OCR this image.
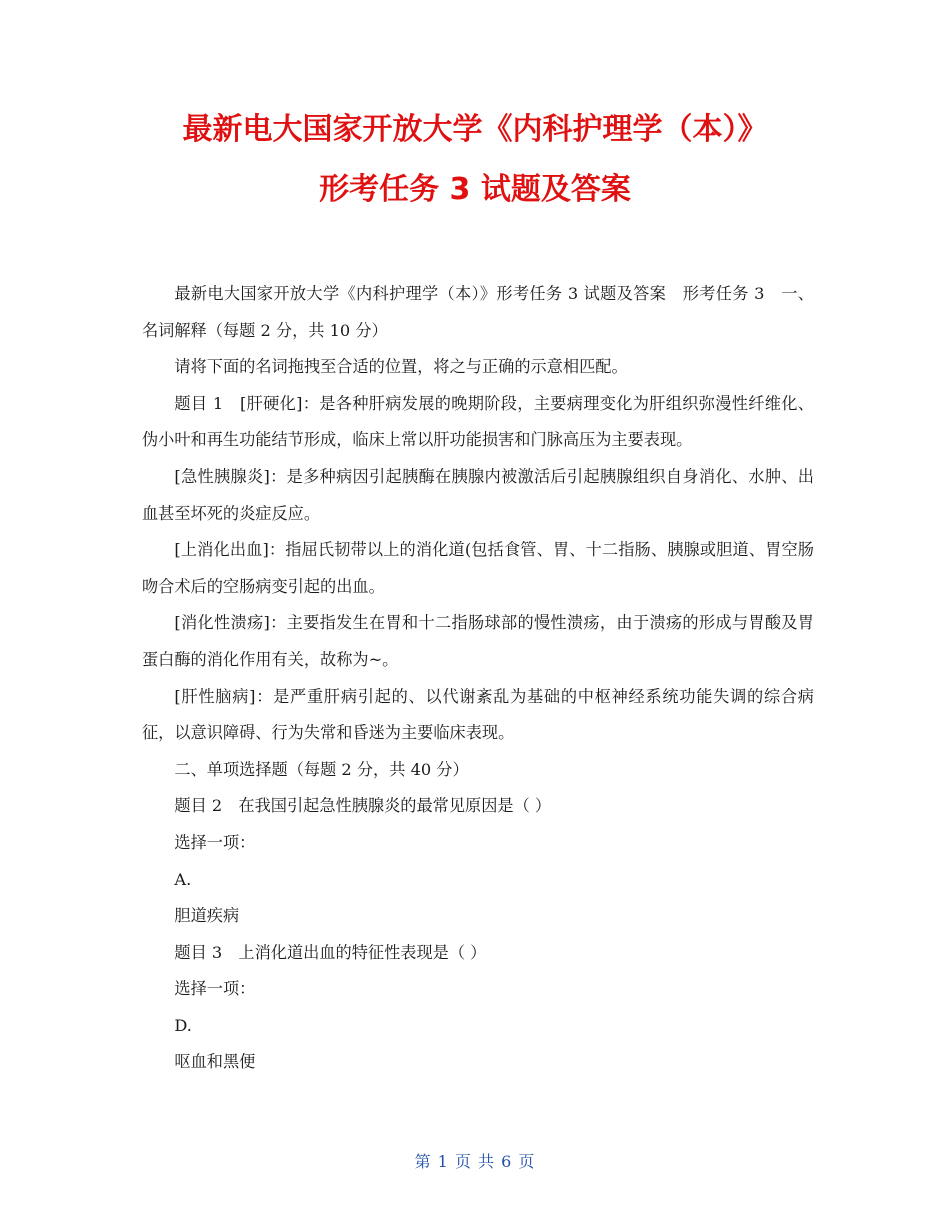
最新电大国家开放大学《内科护理学（本）》
形考任务 3 试题及答案

最新电大国家开放大学《内科护理学（本）》形考任务 3 试题及答案　形考任务 3　一、名词解释（每题 2 分，共 10 分）

请将下面的名词拖拽至合适的位置，将之与正确的示意相匹配。

题目 1　[肝硬化]：是各种肝病发展的晚期阶段，主要病理变化为肝组织弥漫性纤维化、伪小叶和再生功能结节形成，临床上常以肝功能损害和门脉高压为主要表现。

[急性胰腺炎]：是多种病因引起胰酶在胰腺内被激活后引起胰腺组织自身消化、水肿、出血甚至坏死的炎症反应。

[上消化出血]：指屈氏韧带以上的消化道(包括食管、胃、十二指肠、胰腺或胆道、胃空肠吻合术后的空肠病变引起的出血。

[消化性溃疡]：主要指发生在胃和十二指肠球部的慢性溃疡，由于溃疡的形成与胃酸及胃蛋白酶的消化作用有关，故称为~。

[肝性脑病]：是严重肝病引起的、以代谢紊乱为基础的中枢神经系统功能失调的综合病征，以意识障碍、行为失常和昏迷为主要临床表现。

二、单项选择题（每题 2 分，共 40 分）

题目 2　在我国引起急性胰腺炎的最常见原因是（ ）

选择一项：

A.

胆道疾病

题目 3　上消化道出血的特征性表现是（ ）

选择一项：

D.

呕血和黑便

第 1 页 共 6 页
